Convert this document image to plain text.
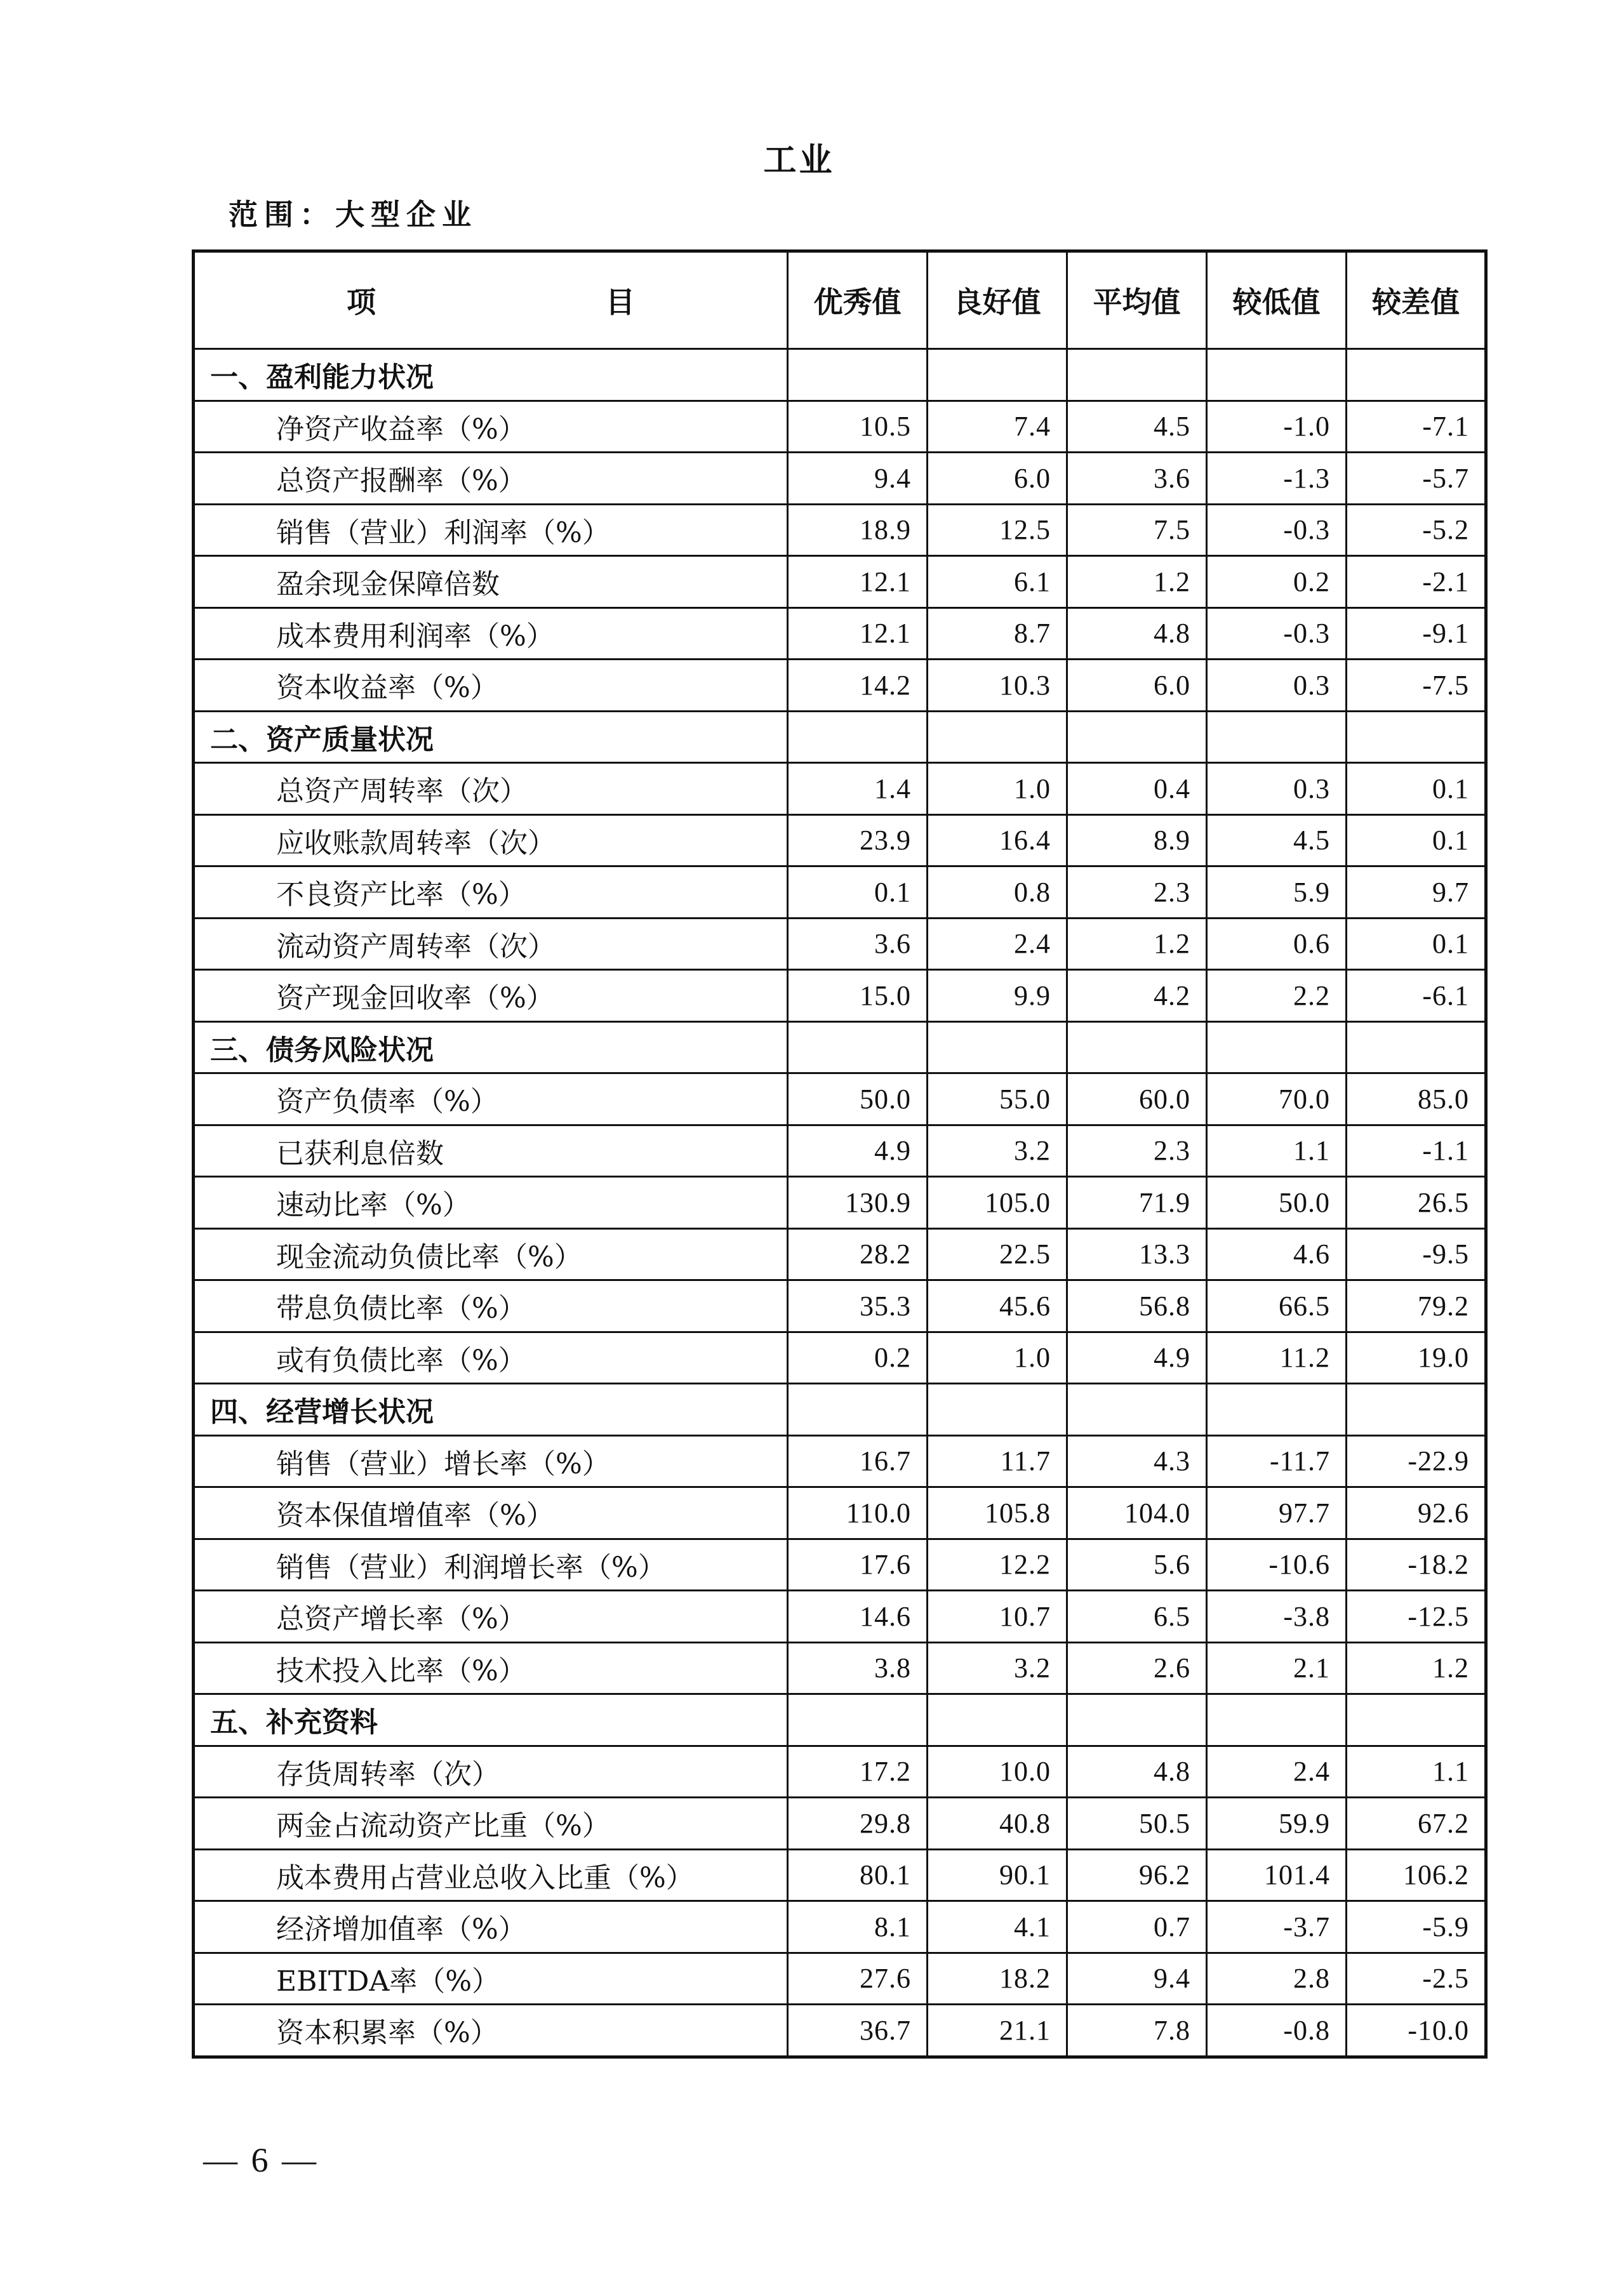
工业
范围：大型企业
项　　目	优秀值	良好值	平均值	较低值	较差值
一、盈利能力状况					
净资产收益率（%）	10.5	7.4	4.5	-1.0	-7.1
总资产报酬率（%）	9.4	6.0	3.6	-1.3	-5.7
销售（营业）利润率（%）	18.9	12.5	7.5	-0.3	-5.2
盈余现金保障倍数	12.1	6.1	1.2	0.2	-2.1
成本费用利润率（%）	12.1	8.7	4.8	-0.3	-9.1
资本收益率（%）	14.2	10.3	6.0	0.3	-7.5
二、资产质量状况					
总资产周转率（次）	1.4	1.0	0.4	0.3	0.1
应收账款周转率（次）	23.9	16.4	8.9	4.5	0.1
不良资产比率（%）	0.1	0.8	2.3	5.9	9.7
流动资产周转率（次）	3.6	2.4	1.2	0.6	0.1
资产现金回收率（%）	15.0	9.9	4.2	2.2	-6.1
三、债务风险状况					
资产负债率（%）	50.0	55.0	60.0	70.0	85.0
已获利息倍数	4.9	3.2	2.3	1.1	-1.1
速动比率（%）	130.9	105.0	71.9	50.0	26.5
现金流动负债比率（%）	28.2	22.5	13.3	4.6	-9.5
带息负债比率（%）	35.3	45.6	56.8	66.5	79.2
或有负债比率（%）	0.2	1.0	4.9	11.2	19.0
四、经营增长状况					
销售（营业）增长率（%）	16.7	11.7	4.3	-11.7	-22.9
资本保值增值率（%）	110.0	105.8	104.0	97.7	92.6
销售（营业）利润增长率（%）	17.6	12.2	5.6	-10.6	-18.2
总资产增长率（%）	14.6	10.7	6.5	-3.8	-12.5
技术投入比率（%）	3.8	3.2	2.6	2.1	1.2
五、补充资料					
存货周转率（次）	17.2	10.0	4.8	2.4	1.1
两金占流动资产比重（%）	29.8	40.8	50.5	59.9	67.2
成本费用占营业总收入比重（%）	80.1	90.1	96.2	101.4	106.2
经济增加值率（%）	8.1	4.1	0.7	-3.7	-5.9
EBITDA率（%）	27.6	18.2	9.4	2.8	-2.5
资本积累率（%）	36.7	21.1	7.8	-0.8	-10.0
— 6 —
